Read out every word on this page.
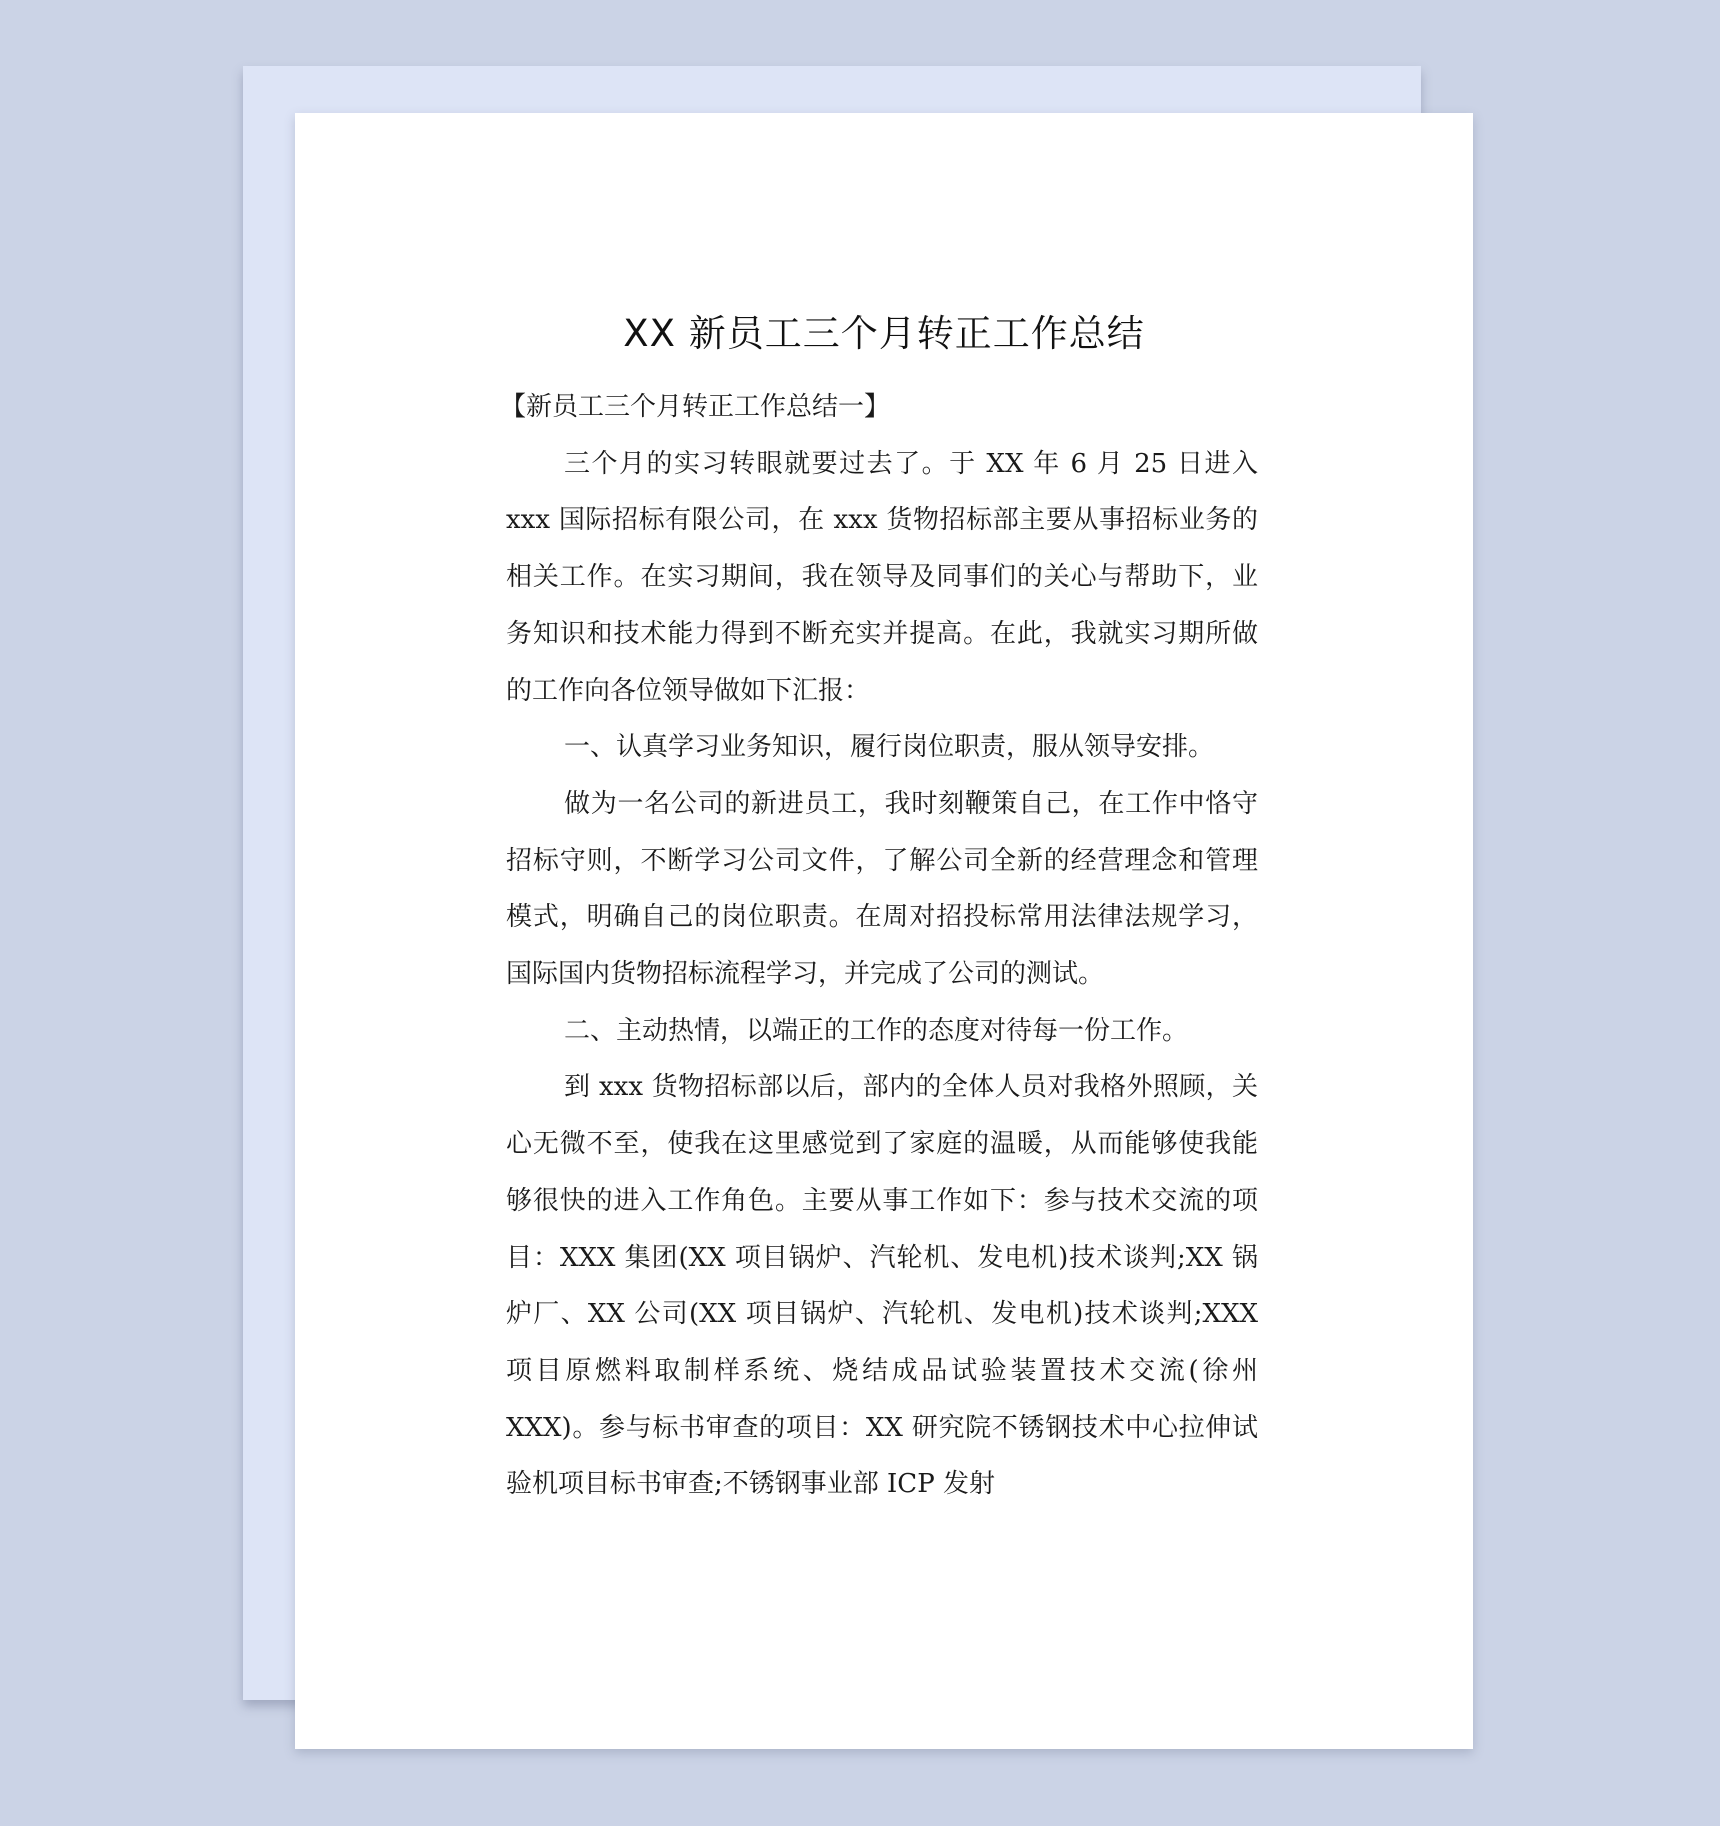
XX 新员工三个月转正工作总结

【新员工三个月转正工作总结一】

三个月的实习转眼就要过去了。于 XX 年 6 月 25 日进入 xxx 国际招标有限公司，在 xxx 货物招标部主要从事招标业务的相关工作。在实习期间，我在领导及同事们的关心与帮助下，业务知识和技术能力得到不断充实并提高。在此，我就实习期所做的工作向各位领导做如下汇报：

一、认真学习业务知识，履行岗位职责，服从领导安排。

做为一名公司的新进员工，我时刻鞭策自己，在工作中恪守招标守则，不断学习公司文件，了解公司全新的经营理念和管理模式，明确自己的岗位职责。在周对招投标常用法律法规学习，国际国内货物招标流程学习，并完成了公司的测试。

二、主动热情，以端正的工作的态度对待每一份工作。

到 xxx 货物招标部以后，部内的全体人员对我格外照顾，关心无微不至，使我在这里感觉到了家庭的温暖，从而能够使我能够很快的进入工作角色。主要从事工作如下：参与技术交流的项目：XXX 集团(XX 项目锅炉、汽轮机、发电机)技术谈判;XX 锅炉厂、XX 公司(XX 项目锅炉、汽轮机、发电机)技术谈判;XXX 项目原燃料取制样系统、烧结成品试验装置技术交流(徐州 XXX)。参与标书审查的项目：XX 研究院不锈钢技术中心拉伸试验机项目标书审查;不锈钢事业部 ICP 发射
